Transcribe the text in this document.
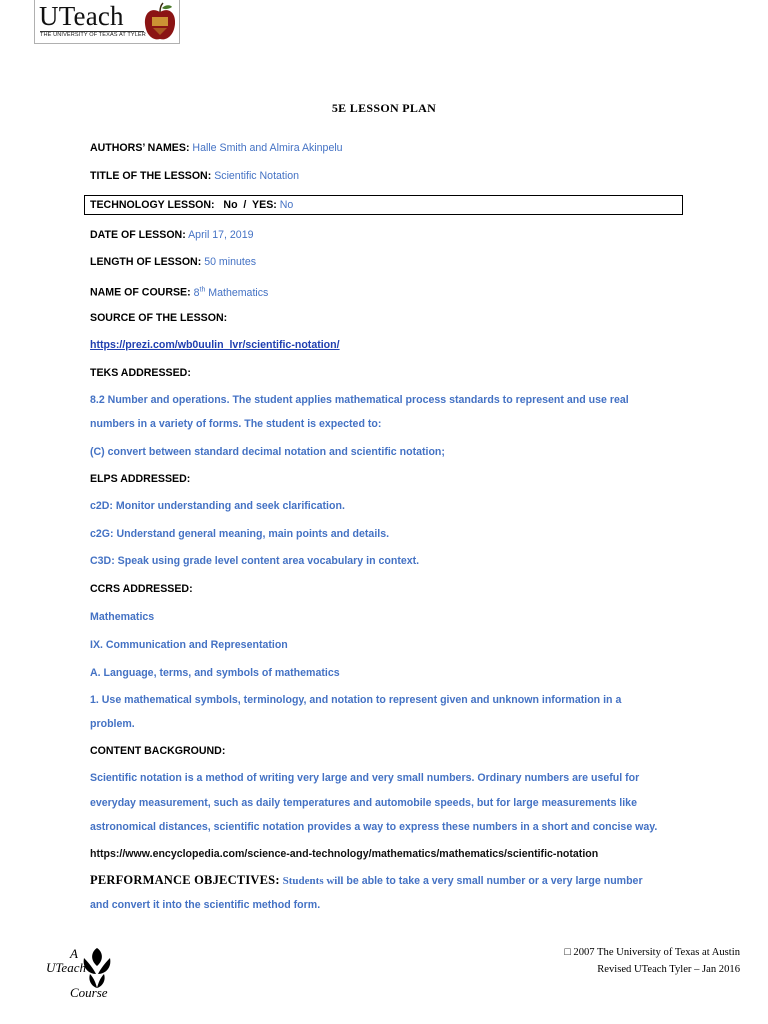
UTeach
THE UNIVERSITY OF TEXAS AT TYLER
5E LESSON PLAN
AUTHORS’ NAMES: Halle Smith and Almira Akinpelu
TITLE OF THE LESSON: Scientific Notation
TECHNOLOGY LESSON:   No  /  YES: No
DATE OF LESSON: April 17, 2019
LENGTH OF LESSON: 50 minutes
NAME OF COURSE: 8th Mathematics
SOURCE OF THE LESSON:
https://prezi.com/wb0uulin_lvr/scientific-notation/
TEKS ADDRESSED:
8.2 Number and operations. The student applies mathematical process standards to represent and use real
numbers in a variety of forms. The student is expected to:
(C) convert between standard decimal notation and scientific notation;
ELPS ADDRESSED:
c2D: Monitor understanding and seek clarification.
c2G: Understand general meaning, main points and details.
C3D: Speak using grade level content area vocabulary in context.
CCRS ADDRESSED:
Mathematics
IX. Communication and Representation
A. Language, terms, and symbols of mathematics
1. Use mathematical symbols, terminology, and notation to represent given and unknown information in a
problem.
CONTENT BACKGROUND:
Scientific notation is a method of writing very large and very small numbers. Ordinary numbers are useful for
everyday measurement, such as daily temperatures and automobile speeds, but for large measurements like
astronomical distances, scientific notation provides a way to express these numbers in a short and concise way.
https://www.encyclopedia.com/science-and-technology/mathematics/mathematics/scientific-notation
PERFORMANCE OBJECTIVES: Students will be able to take a very small number or a very large number
and convert it into the scientific method form.
A
UTeach
Course
□ 2007 The University of Texas at Austin
Revised UTeach Tyler – Jan 2016
